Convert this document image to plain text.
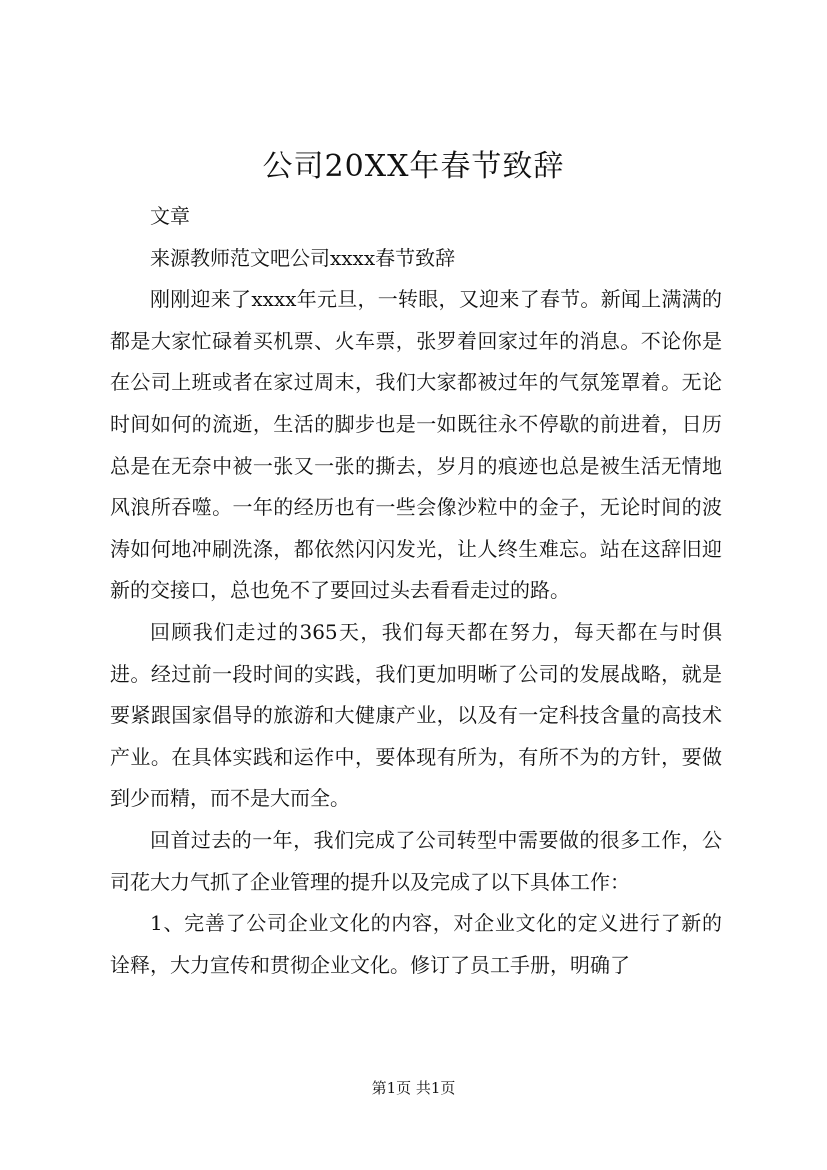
公司20XX年春节致辞

文章

来源教师范文吧公司xxxx春节致辞

刚刚迎来了xxxx年元旦，一转眼，又迎来了春节。新闻上满满的都是大家忙碌着买机票、火车票，张罗着回家过年的消息。不论你是在公司上班或者在家过周末，我们大家都被过年的气氛笼罩着。无论时间如何的流逝，生活的脚步也是一如既往永不停歇的前进着，日历总是在无奈中被一张又一张的撕去，岁月的痕迹也总是被生活无情地风浪所吞噬。一年的经历也有一些会像沙粒中的金子，无论时间的波涛如何地冲刷洗涤，都依然闪闪发光，让人终生难忘。站在这辞旧迎新的交接口，总也免不了要回过头去看看走过的路。

回顾我们走过的365天，我们每天都在努力，每天都在与时俱进。经过前一段时间的实践，我们更加明晰了公司的发展战略，就是要紧跟国家倡导的旅游和大健康产业，以及有一定科技含量的高技术产业。在具体实践和运作中，要体现有所为，有所不为的方针，要做到少而精，而不是大而全。

回首过去的一年，我们完成了公司转型中需要做的很多工作，公司花大力气抓了企业管理的提升以及完成了以下具体工作：

1、完善了公司企业文化的内容，对企业文化的定义进行了新的诠释，大力宣传和贯彻企业文化。修订了员工手册，明确了

第1页 共1页
